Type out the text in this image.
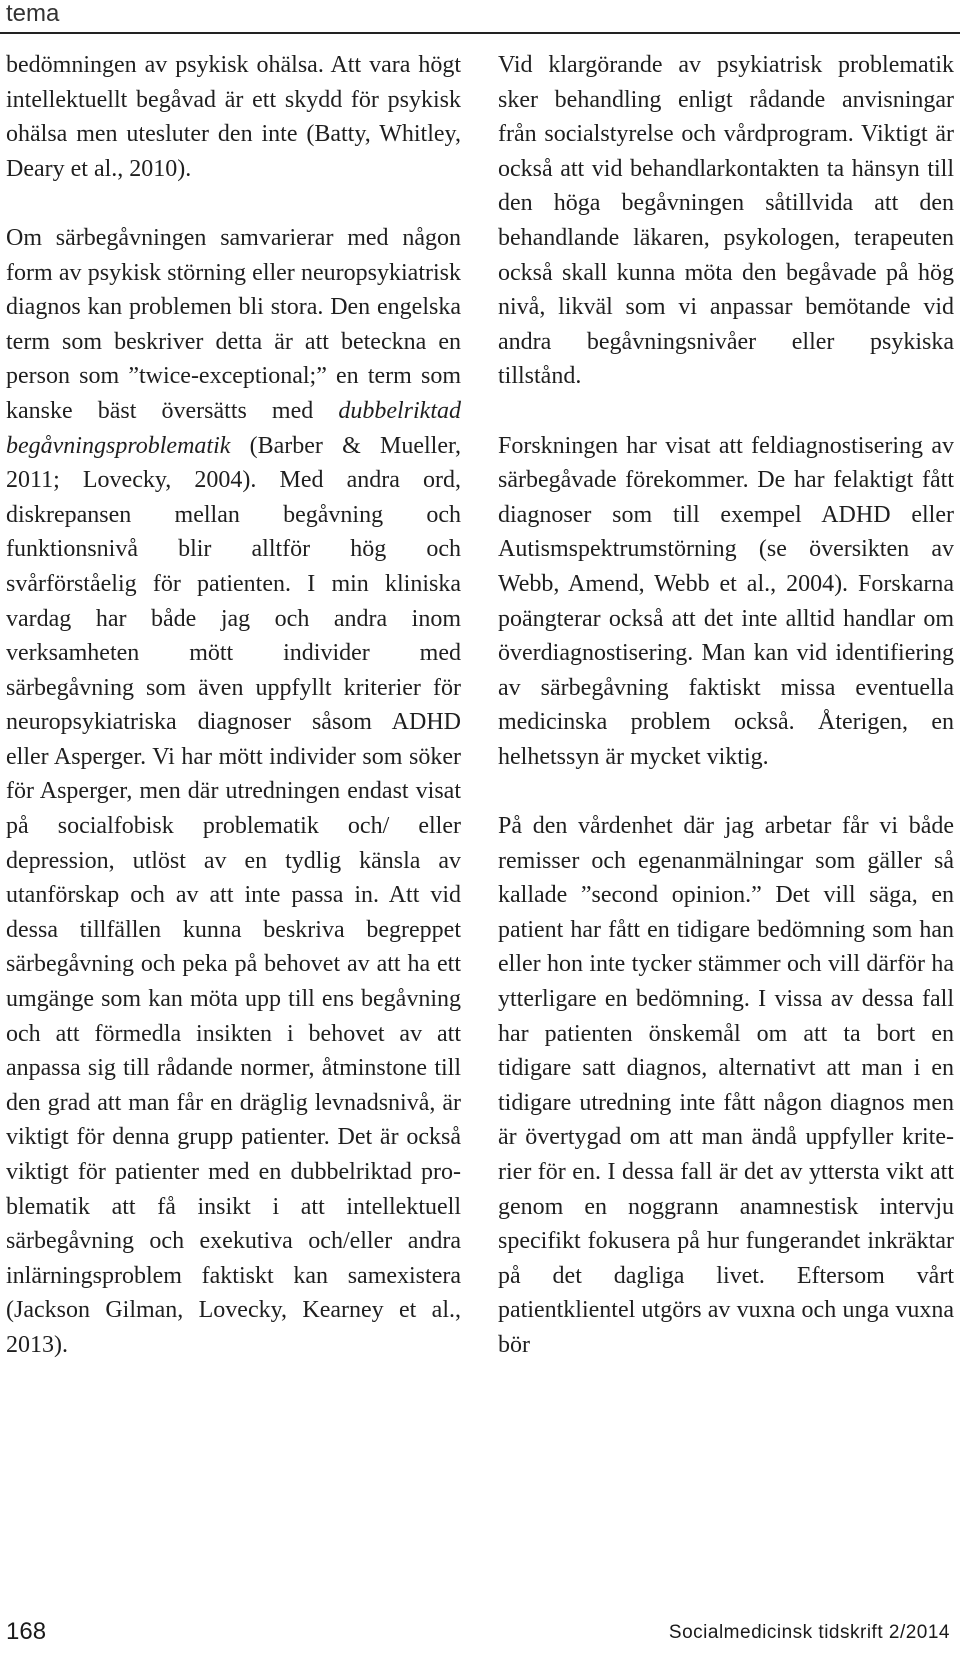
tema

bedömningen av psykisk ohälsa. Att vara högt intellektuellt begåvad är ett skydd för psykisk ohälsa men utesluter den inte (Batty, Whitley, Deary et al., 2010).

Om särbegåvningen samvarierar med någon form av psykisk störning eller neuropsykiatrisk diagnos kan problemen bli stora. Den engelska term som beskriver detta är att beteckna en person som ”twice-exceptional;” en term som kanske bäst översätts med dubbelriktad begåvningsproblematik (Barber & Mueller, 2011; Lovecky, 2004). Med andra ord, diskrepansen mellan begåvning och funktionsnivå blir alltför hög och svårförståelig för patienten. I min kliniska vardag har både jag och andra inom verksamheten mött individer med särbegåvning som även uppfyllt kriterier för neuropsykiatriska diagnoser såsom ADHD eller Asperger. Vi har mött individer som söker för Asperger, men där utredningen endast visat på socialfobisk problematik och/ eller depression, utlöst av en tydlig känsla av utanförskap och av att inte passa in. Att vid dessa tillfällen kunna beskriva begreppet särbegåvning och peka på behovet av att ha ett umgänge som kan möta upp till ens begåvning och att förmedla insikten i behovet av att anpassa sig till rådande normer, åtminstone till den grad att man får en dräglig levnadsnivå, är viktigt för denna grupp patienter. Det är också viktigt för patienter med en dubbelriktad problematik att få insikt i att intellektuell särbegåvning och exekutiva och/eller andra inlärningsproblem faktiskt kan samexistera (Jackson Gilman, Lovecky, Kearney et al., 2013).

Vid klargörande av psykiatrisk problematik sker behandling enligt rådande anvisningar från socialstyrelse och vårdprogram. Viktigt är också att vid behandlarkontakten ta hänsyn till den höga begåvningen såtillvida att den behandlande läkaren, psykologen, terapeuten också skall kunna möta den begåvade på hög nivå, likväl som vi anpassar bemötande vid andra begåvningsnivåer eller psykiska tillstånd.

Forskningen har visat att feldiagnostisering av särbegåvade förekommer. De har felaktigt fått diagnoser som till exempel ADHD eller Autismspektrumstörning (se översikten av Webb, Amend, Webb et al., 2004). Forskarna poängterar också att det inte alltid handlar om överdiagnostisering. Man kan vid identifiering av särbegåvning faktiskt missa eventuella medicinska problem också. Återigen, en helhetssyn är mycket viktig.

På den vårdenhet där jag arbetar får vi både remisser och egenanmälningar som gäller så kallade ”second opinion.” Det vill säga, en patient har fått en tidigare bedömning som han eller hon inte tycker stämmer och vill därför ha ytterligare en bedömning. I vissa av dessa fall har patienten önskemål om att ta bort en tidigare satt diagnos, alternativt att man i en tidigare utredning inte fått någon diagnos men är övertygad om att man ändå uppfyller kriterier för en. I dessa fall är det av yttersta vikt att genom en noggrann anamnestisk intervju specifikt fokusera på hur fungerandet inkräktar på det dagliga livet. Eftersom vårt patientklientel utgörs av vuxna och unga vuxna bör

168	Socialmedicinsk tidskrift 2/2014
